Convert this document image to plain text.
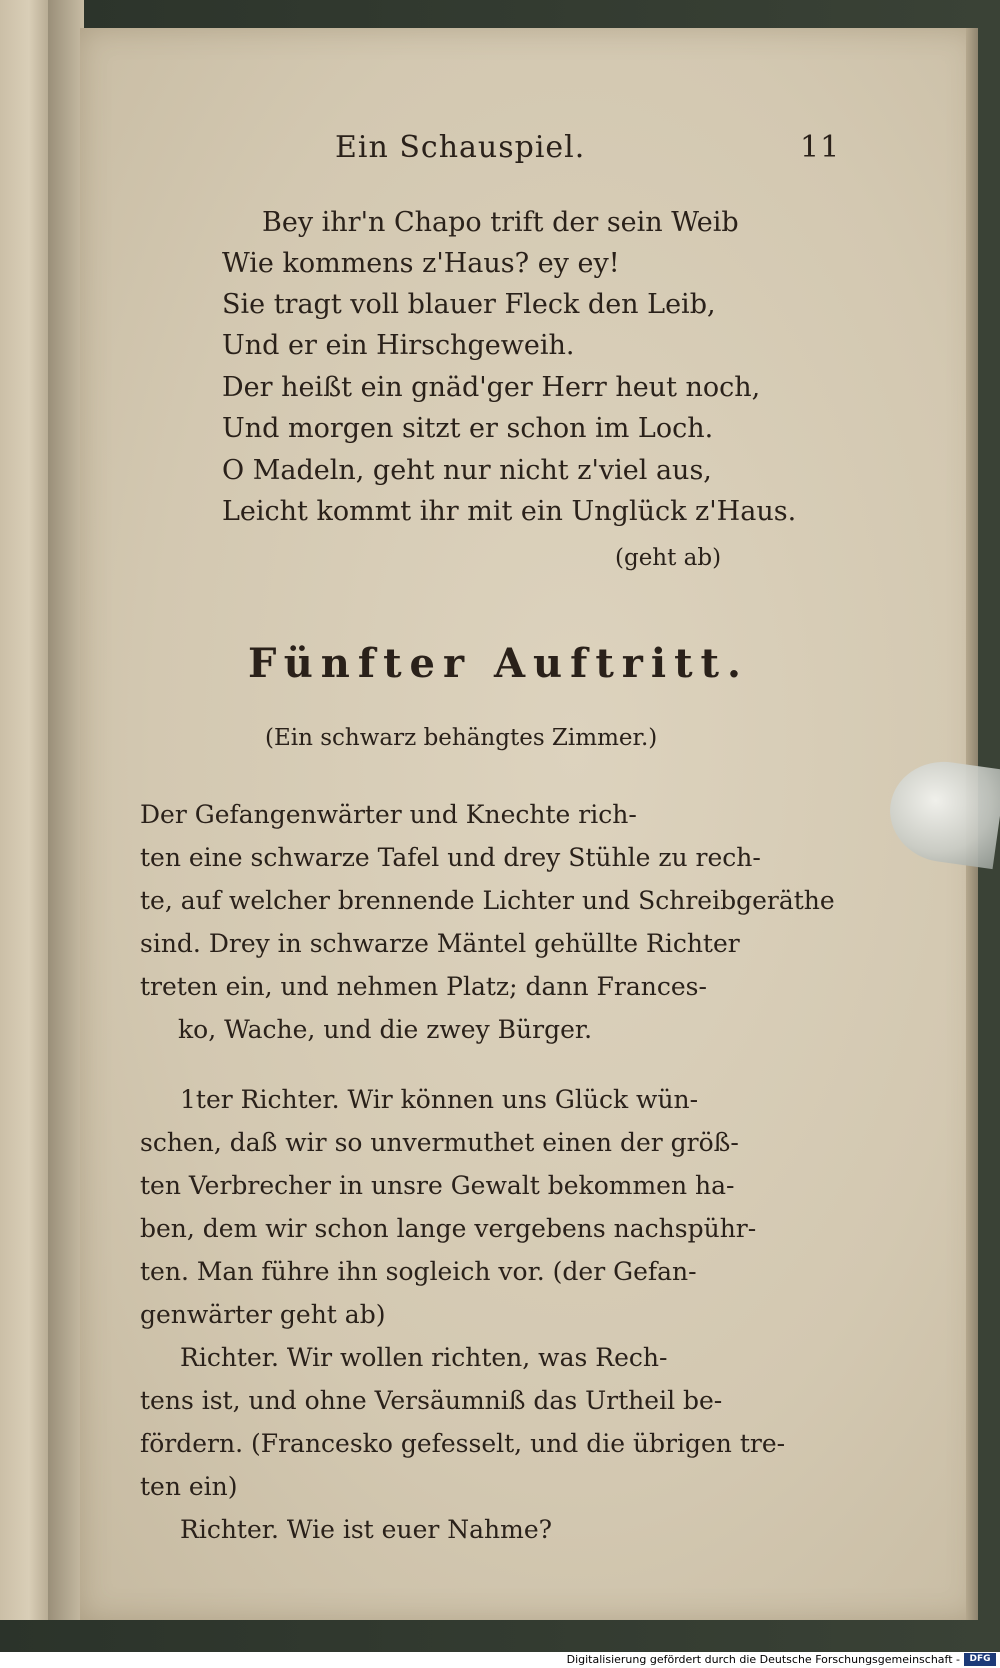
Ein Schauspiel.	11
Bey ihr'n Chapo trift der sein Weib
Wie kommens z'Haus? ey ey!
Sie tragt voll blauer Fleck den Leib,
Und er ein Hirschgeweih.
Der heißt ein gnäd'ger Herr heut noch,
Und morgen sitzt er schon im Loch.
O Madeln, geht nur nicht z'viel aus,
Leicht kommt ihr mit ein Unglück z'Haus.
(geht ab)
Fünfter Auftritt.
(Ein schwarz behängtes Zimmer.)
Der Gefangenwärter und Knechte rich-
ten eine schwarze Tafel und drey Stühle zu rech-
te, auf welcher brennende Lichter und Schreibgeräthe
sind. Drey in schwarze Mäntel gehüllte Richter
treten ein, und nehmen Platz; dann Frances-
ko, Wache, und die zwey Bürger.
1ter Richter. Wir können uns Glück wün-
schen, daß wir so unvermuthet einen der größ-
ten Verbrecher in unsre Gewalt bekommen ha-
ben, dem wir schon lange vergebens nachspühr-
ten. Man führe ihn sogleich vor. (der Gefan-
genwärter geht ab)
Richter. Wir wollen richten, was Rech-
tens ist, und ohne Versäumniß das Urtheil be-
fördern. (Francesko gefesselt, und die übrigen tre-
ten ein)
Richter. Wie ist euer Nahme?
Digitalisierung gefördert durch die Deutsche Forschungsgemeinschaft -	DFG
